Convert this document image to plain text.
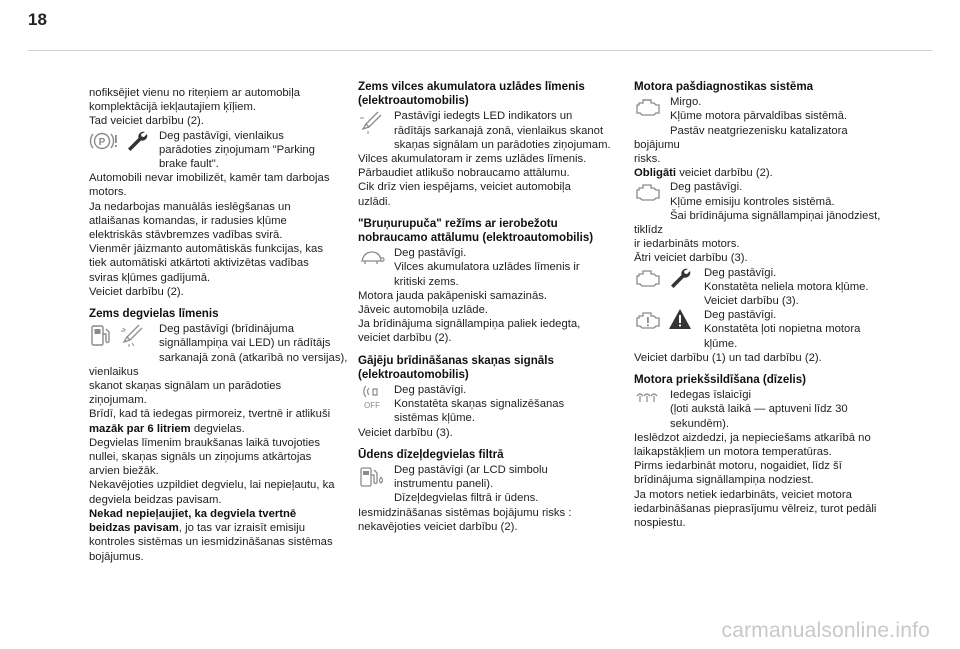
18

nofiksējiet vienu no riteņiem ar automobiļa

komplektācijā iekļautajiem ķīļiem.

Tad veiciet darbību (2).

P

Deg pastāvīgi, vienlaikus

parādoties ziņojumam "Parking

brake fault".

Automobili nevar imobilizēt, kamēr tam darbojas

motors.

Ja nedarbojas manuālās ieslēgšanas un

atlaišanas komandas, ir radusies kļūme

elektriskās stāvbremzes vadības svirā.

Vienmēr jāizmanto automātiskās funkcijas, kas

tiek automātiski atkārtoti aktivizētas vadības

sviras kļūmes gadījumā.

Veiciet darbību (2).

Zems degvielas līmenis

Deg pastāvīgi (brīdinājuma

signāllampiņa vai LED) un rādītājs

sarkanajā zonā (atkarībā no versijas), vienlaikus

skanot skaņas signālam un parādoties

ziņojumam.

Brīdī, kad tā iedegas pirmoreiz, tvertnē ir atlikuši

mazāk par 6 litriem degvielas.

Degvielas līmenim braukšanas laikā tuvojoties

nullei, skaņas signāls un ziņojums atkārtojas

arvien biežāk.

Nekavējoties uzpildiet degvielu, lai nepieļautu, ka

degviela beidzas pavisam.

Nekad nepieļaujiet, ka degviela tvertnē

beidzas pavisam, jo tas var izraisīt emisiju

kontroles sistēmas un iesmidzināšanas sistēmas

bojājumus.

Zems vilces akumulatora uzlādes līmenis
(elektroautomobilis)

Pastāvīgi iedegts LED indikators un

rādītājs sarkanajā zonā, vienlaikus skanot

skaņas signālam un parādoties ziņojumam.

Vilces akumulatoram ir zems uzlādes līmenis.

Pārbaudiet atlikušo nobraucamo attālumu.

Cik drīz vien iespējams, veiciet automobiļa

uzlādi.

"Bruņurupuča" režīms ar ierobežotu
nobraucamo attālumu (elektroautomobilis)

Deg pastāvīgi.

Vilces akumulatora uzlādes līmenis ir

kritiski zems.

Motora jauda pakāpeniski samazinās.

Jāveic automobiļa uzlāde.

Ja brīdinājuma signāllampiņa paliek iedegta,

veiciet darbību (2).

Gājēju brīdināšanas skaņas signāls
(elektroautomobilis)
OFF

Deg pastāvīgi.

Konstatēta skaņas signalizēšanas

sistēmas kļūme.

Veiciet darbību (3).

Ūdens dīzeļdegvielas filtrā

Deg pastāvīgi (ar LCD simbolu

instrumentu paneli).

Dīzeļdegvielas filtrā ir ūdens.

Iesmidzināšanas sistēmas bojājumu risks :

nekavējoties veiciet darbību (2).

Motora pašdiagnostikas sistēma

Mirgo.

Kļūme motora pārvaldības sistēmā.

Pastāv neatgriezenisku katalizatora bojājumu

risks.

Obligāti veiciet darbību (2).

Deg pastāvīgi.

Kļūme emisiju kontroles sistēmā.

Šai brīdinājuma signāllampiņai jānodziest, tiklīdz

ir iedarbināts motors.

Ātri veiciet darbību (3).

Deg pastāvīgi.

Konstatēta neliela motora kļūme.

Veiciet darbību (3).

Deg pastāvīgi.

Konstatēta ļoti nopietna motora

kļūme.

Veiciet darbību (1) un tad darbību (2).

Motora priekšsildīšana (dīzelis)

Iedegas īslaicīgi

(ļoti aukstā laikā — aptuveni līdz 30

sekundēm).

Ieslēdzot aizdedzi, ja nepieciešams atkarībā no

laikapstākļiem un motora temperatūras.

Pirms iedarbināt motoru, nogaidiet, līdz šī

brīdinājuma signāllampiņa nodziest.

Ja motors netiek iedarbināts, veiciet motora

iedarbināšanas pieprasījumu vēlreiz, turot pedāli

nospiestu.

carmanualsonline.info
